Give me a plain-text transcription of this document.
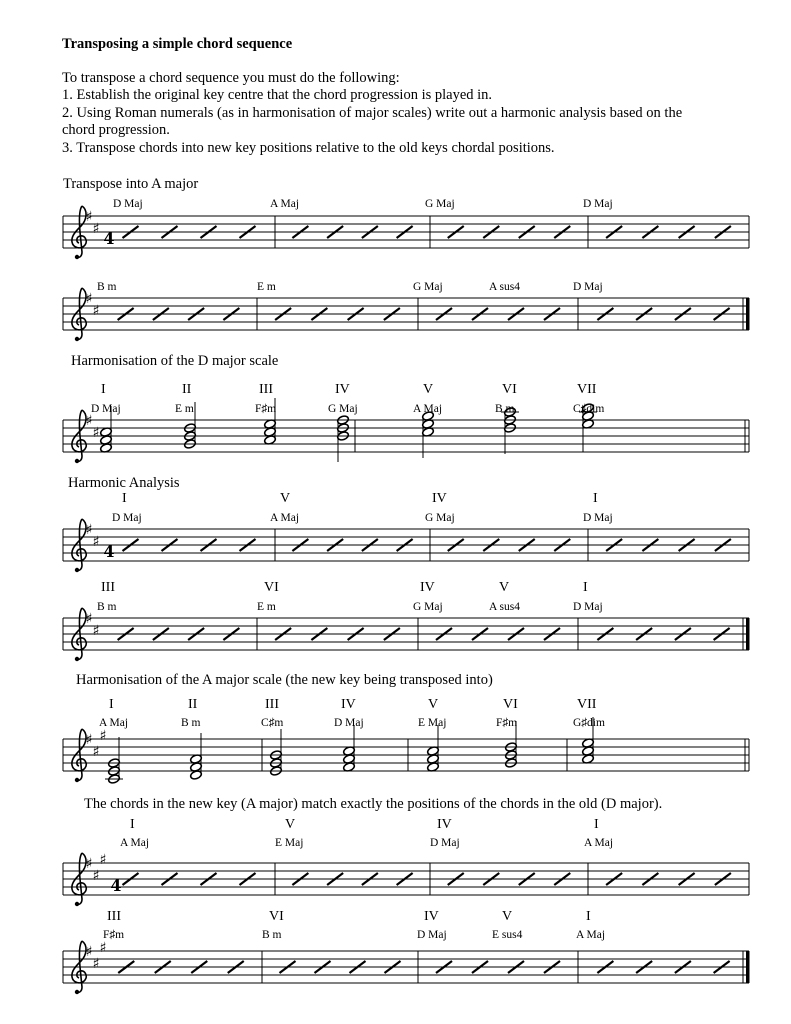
Transposing a simple chord sequence
To transpose a chord sequence you must do the following:
1. Establish the original key centre that the chord progression is played in.
2. Using Roman numerals (as in harmonisation of major scales) write out a harmonic analysis based on the
chord progression.
3. Transpose chords into new key positions relative to the old keys chordal positions.
Transpose into A major
Harmonisation of the D major scale
Harmonic Analysis
Harmonisation of the A major scale (the new key being transposed into)
The chords in the new key (A major) match exactly the positions of the chords in the old (D major).
D Maj	A Maj	G Maj	D Maj
B m	E m	G Maj	A sus4	D Maj
D Maj	E m	F♯m	G Maj	A Maj	B m	C♯dim
I	II	III	IV	V	VI	VII
D Maj	A Maj	G Maj	D Maj
I	V	IV	I
B m	E m	G Maj	A sus4	D Maj
III	VI	IV	V	I
A Maj	B m	C♯m	D Maj	E Maj	F♯m	G♯dim
I	II	III	IV	V	VI	VII
A Maj	E Maj	D Maj	A Maj
I	V	IV	I
F♯m	B m	D Maj	E sus4	A Maj
III	VI	IV	V	I
♯
♯ 4
♯
♯
♯
♯
♯
♯ 4
♯
♯
♯
♯
♯
♯
♯
♯
4
♯
♯
♯
